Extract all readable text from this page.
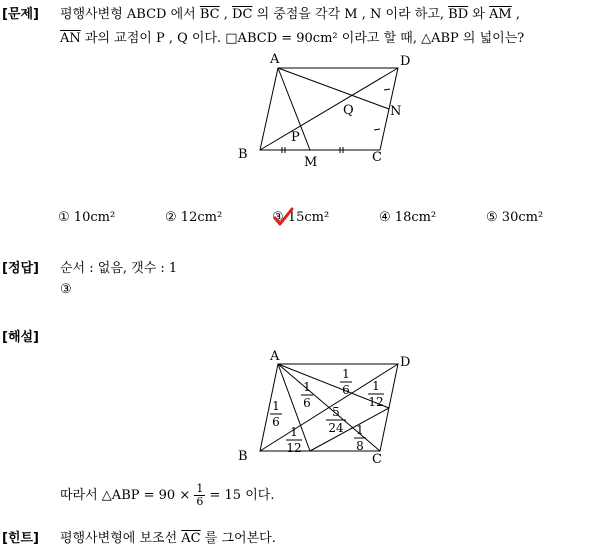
[문제] 평행사변형 ABCD 에서 $\overline{BC}$ , $\overline{DC}$ 의 중점을 각각 M , N 이라 하고, $\overline{BD}$ 와 $\overline{AM}$ ,
$\overline{AN}$ 과의 교점이 P , Q 이다. □ABCD = 90cm² 이라고 할 때, △ABP 의 넓이는?
A	D
B	C
M
N
P
Q
① 10cm²	② 12cm²	③ 15cm²	④ 18cm²	⑤ 30cm²
[정답] 순서 : 없음, 갯수 : 1
③
[해설]
A	D
B	C
1
6
1
12
1
6
5
24
1
6 1
12
1
8
따라서 △ABP = $90 \times \frac{1}{6} = 15$ 이다.
[힌트] 평행사변형에 보조선 $\overline{AC}$ 를 그어본다.
